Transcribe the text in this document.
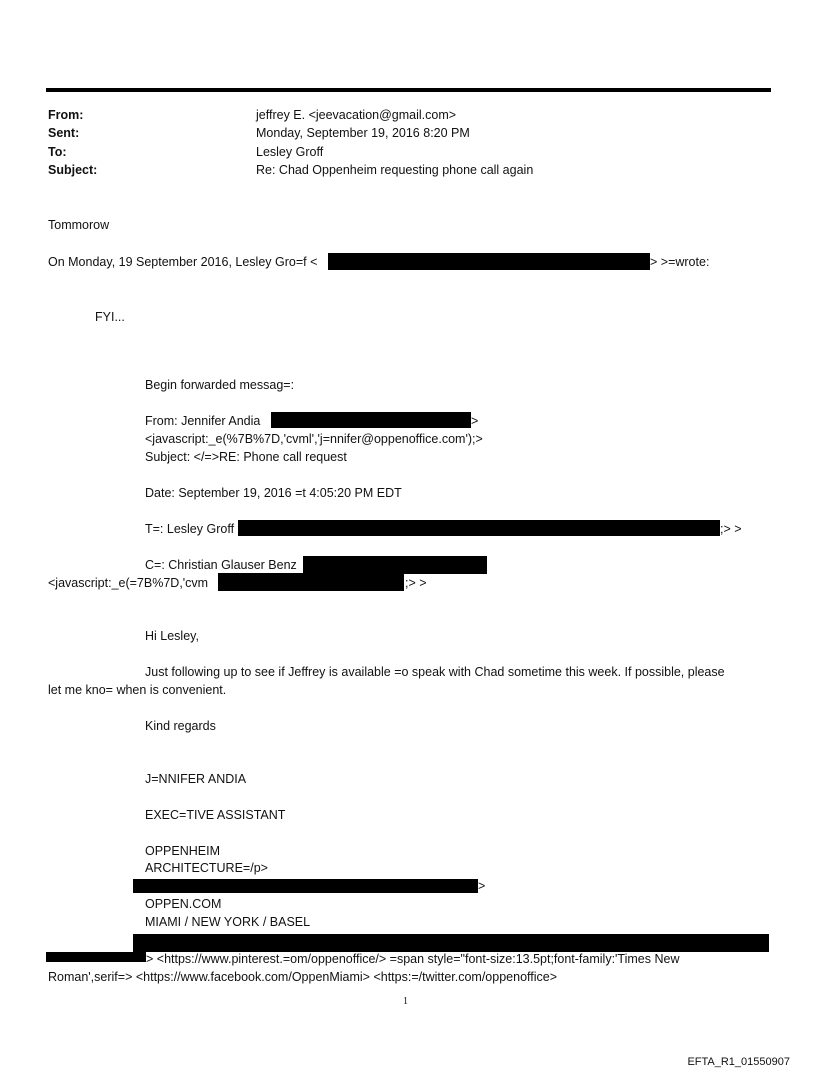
From:	jeffrey E. <jeevacation@gmail.com>
Sent:	Monday, September 19, 2016 8:20 PM
To:	Lesley Groff
Subject:	Re: Chad Oppenheim requesting phone call again
Tommorow
On Monday, 19 September 2016, Lesley Gro=f <	> >=wrote:
FYI...
Begin forwarded messag=:
From: Jennifer Andia	>
<javascript:_e(%7B%7D,'cvml','j=nnifer@oppenoffice.com');>
Subject: </=>RE: Phone call request
Date: September 19, 2016 =t 4:05:20 PM EDT
T=: Lesley Groff	;> >
C=: Christian Glauser Benz
<javascript:_e(=7B%7D,'cvm	;> >
Hi Lesley,
Just following up to see if Jeffrey is available =o speak with Chad sometime this week. If possible, please
let me kno= when is convenient.
Kind regards
J=NNIFER ANDIA
EXEC=TIVE ASSISTANT
OPPENHEIM
ARCHITECTURE=/p>
>
OPPEN.COM
MIAMI / NEW YORK / BASEL
> <https://www.pinterest.=om/oppenoffice/> =span style="font-size:13.5pt;font-family:'Times New
Roman',serif=> <https://www.facebook.com/OppenMiami> <https:=/twitter.com/oppenoffice>
1
EFTA_R1_01550907
